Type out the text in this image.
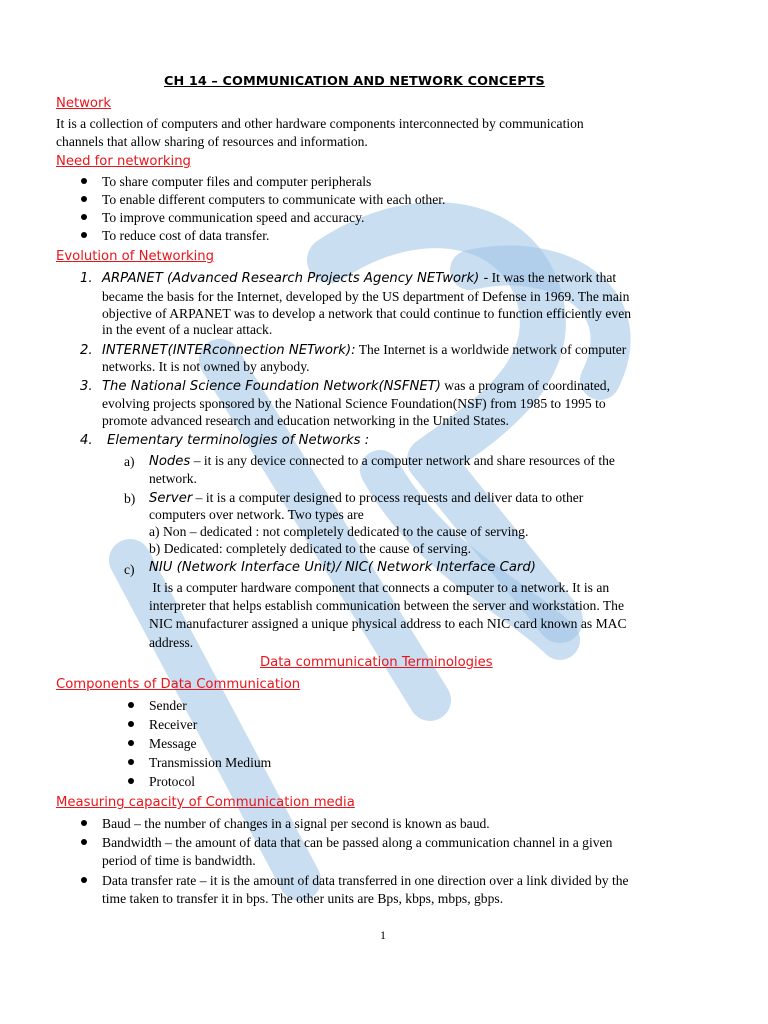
CH 14 – COMMUNICATION AND NETWORK CONCEPTS
Network
It is a collection of computers and other hardware components interconnected by communication
channels that allow sharing of resources and information.
Need for networking
To share computer files and computer peripherals
To enable different computers to communicate with each other.
To improve communication speed and accuracy.
To reduce cost of data transfer.
Evolution of Networking
1. ARPANET (Advanced Research Projects Agency NETwork) - It was the network that
became the basis for the Internet, developed by the US department of Defense in 1969. The main
objective of ARPANET was to develop a network that could continue to function efficiently even
in the event of a nuclear attack.
2. INTERNET(INTERconnection NETwork): The Internet is a worldwide network of computer
networks. It is not owned by anybody.
3. The National Science Foundation Network(NSFNET) was a program of coordinated,
evolving projects sponsored by the National Science Foundation(NSF) from 1985 to 1995 to
promote advanced research and education networking in the United States.
4. Elementary terminologies of Networks :
a) Nodes – it is any device connected to a computer network and share resources of the
network.
b) Server – it is a computer designed to process requests and deliver data to other
computers over network. Two types are
a) Non – dedicated : not completely dedicated to the cause of serving.
b) Dedicated: completely dedicated to the cause of serving.
c) NIU (Network Interface Unit)/ NIC( Network Interface Card)
It is a computer hardware component that connects a computer to a network. It is an
interpreter that helps establish communication between the server and workstation. The
NIC manufacturer assigned a unique physical address to each NIC card known as MAC
address.
Data communication Terminologies
Components of Data Communication
Sender
Receiver
Message
Transmission Medium
Protocol
Measuring capacity of Communication media
Baud – the number of changes in a signal per second is known as baud.
Bandwidth – the amount of data that can be passed along a communication channel in a given
period of time is bandwidth.
Data transfer rate – it is the amount of data transferred in one direction over a link divided by the
time taken to transfer it in bps. The other units are Bps, kbps, mbps, gbps.
1
